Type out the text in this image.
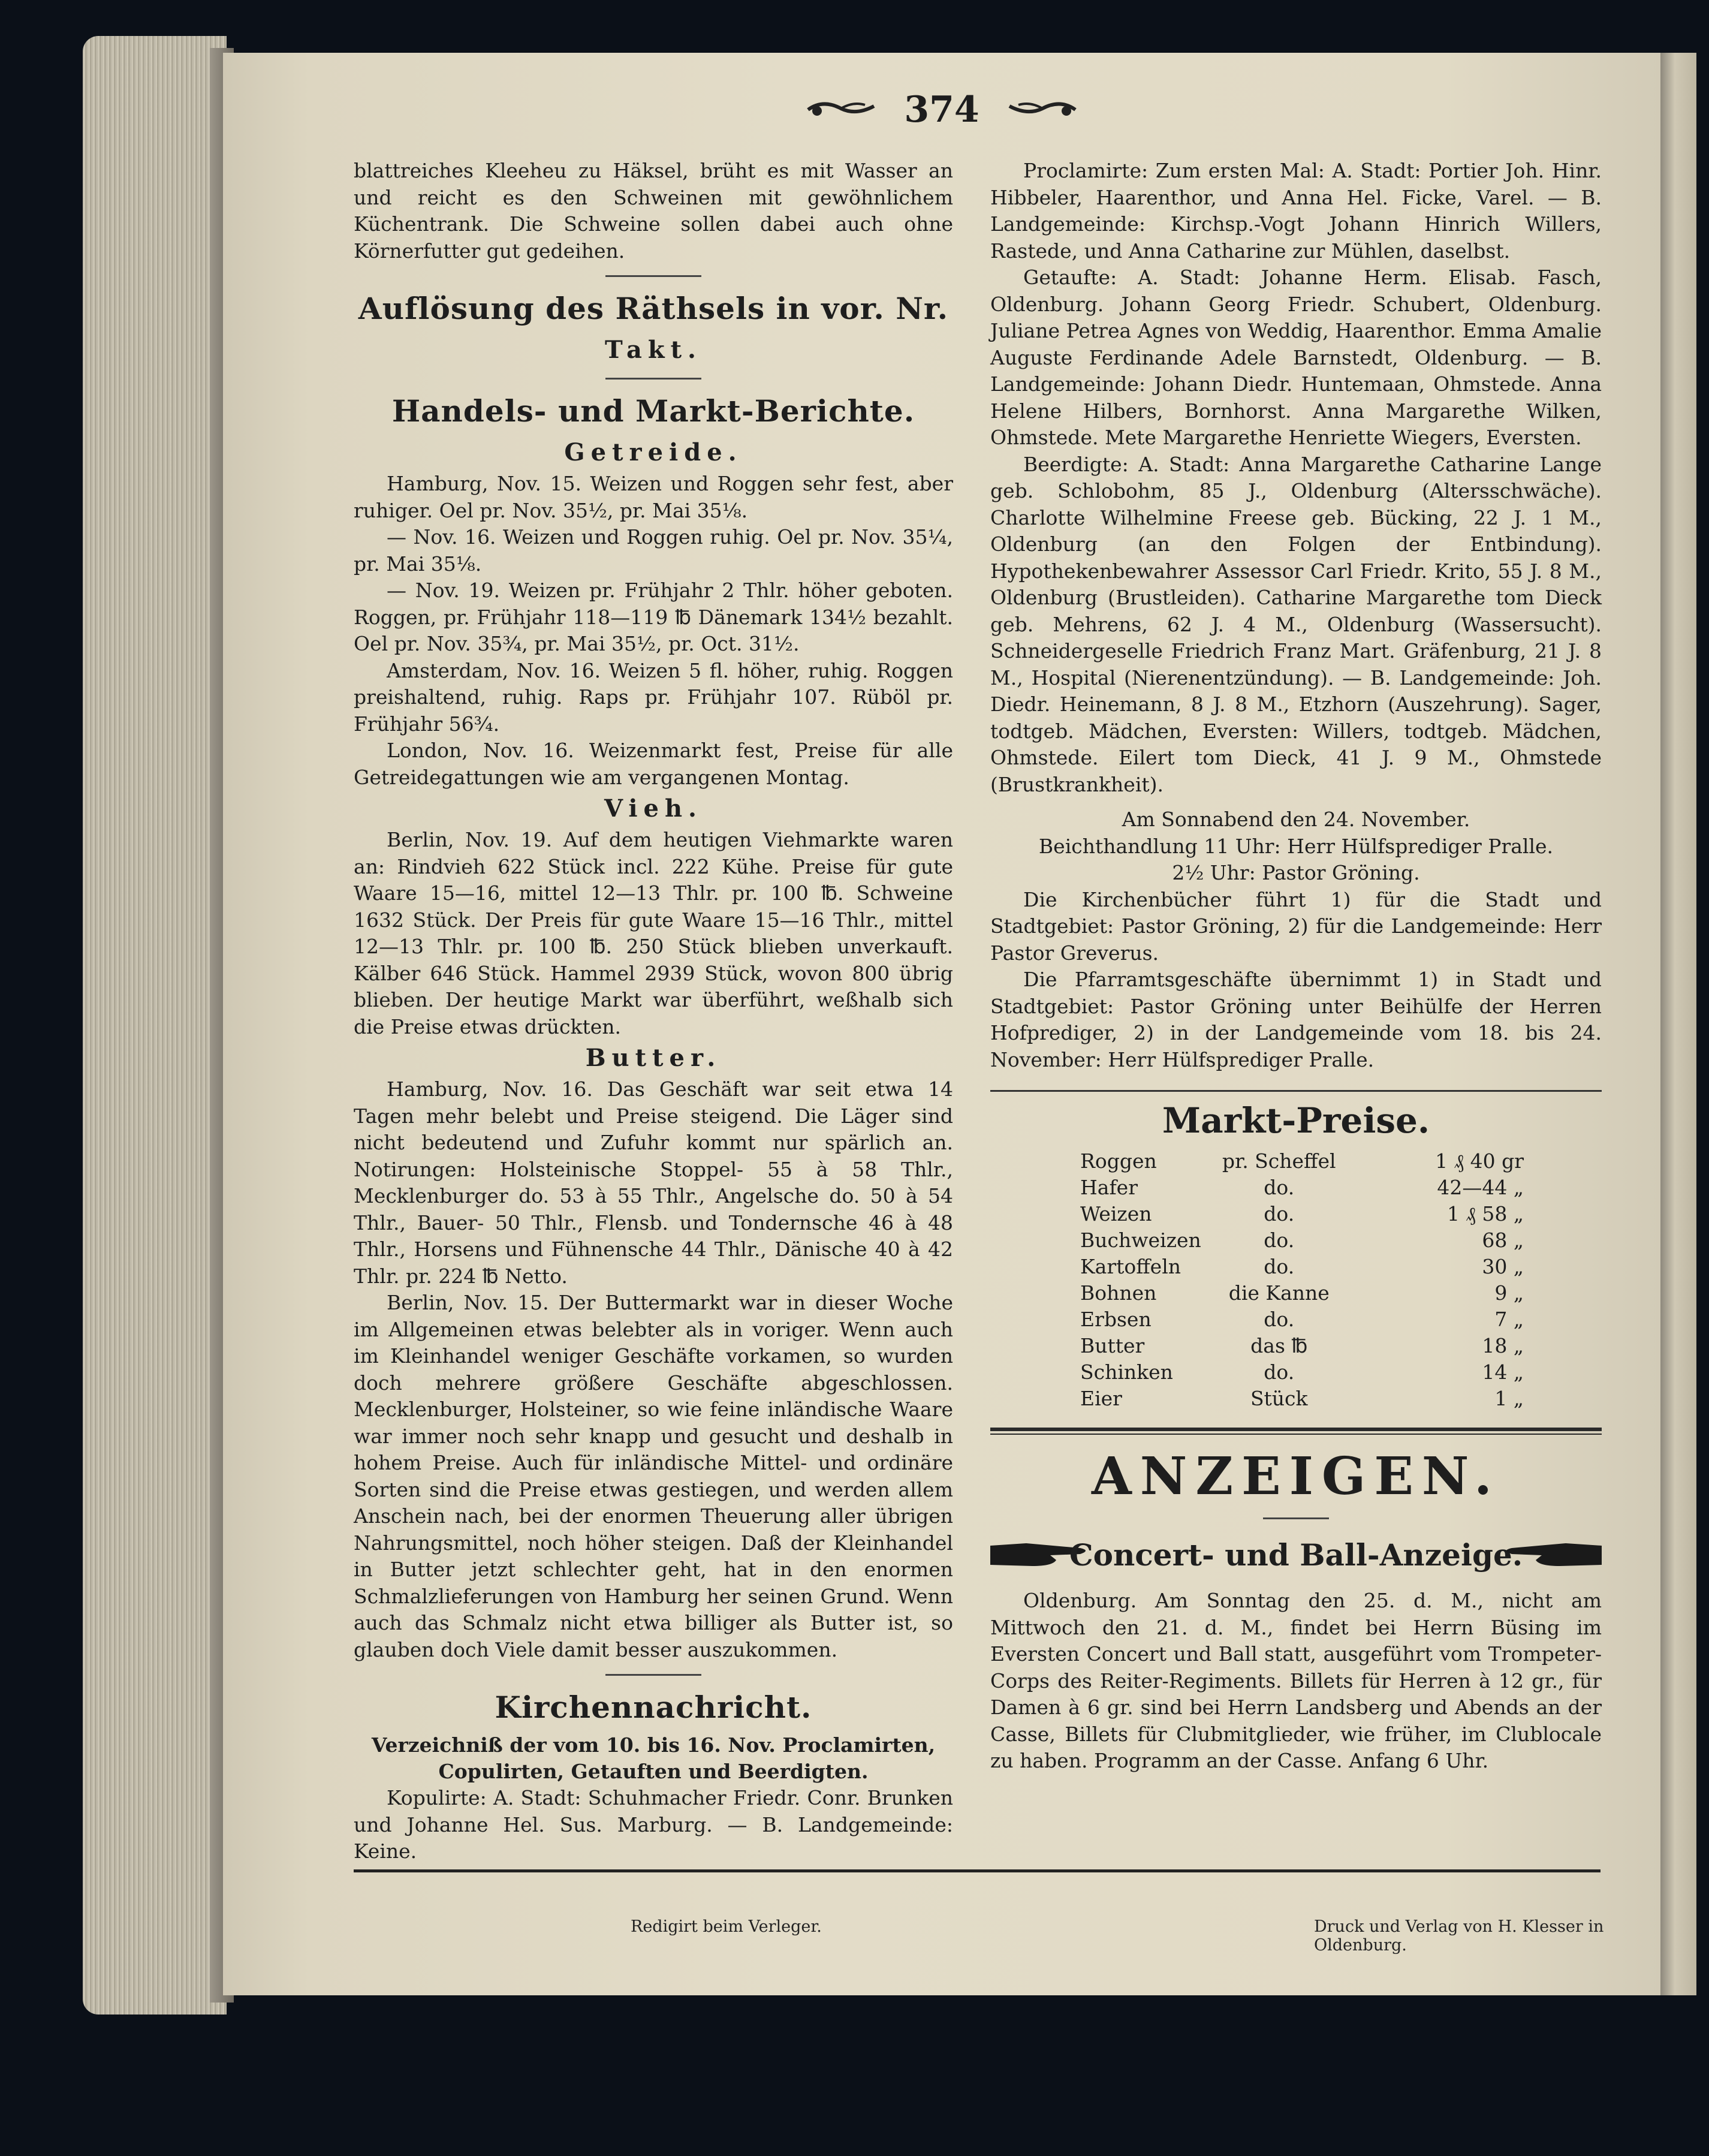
374

blattreiches Kleeheu zu Häksel, brüht es mit Wasser an und reicht es den Schweinen mit gewöhnlichem Küchentrank. Die Schweine sollen dabei auch ohne Körnerfutter gut gedeihen.

Auflösung des Räthsels in vor. Nr.
Takt.
Handels- und Markt-Berichte.
Getreide.

Hamburg, Nov. 15. Weizen und Roggen sehr fest, aber ruhiger. Oel pr. Nov. 35½, pr. Mai 35⅛.

— Nov. 16. Weizen und Roggen ruhig. Oel pr. Nov. 35¼, pr. Mai 35⅛.

— Nov. 19. Weizen pr. Frühjahr 2 Thlr. höher geboten. Roggen, pr. Frühjahr 118—119 ℔ Dänemark 134½ bezahlt. Oel pr. Nov. 35¾, pr. Mai 35½, pr. Oct. 31½.

Amsterdam, Nov. 16. Weizen 5 fl. höher, ruhig. Roggen preishaltend, ruhig. Raps pr. Frühjahr 107. Rüböl pr. Frühjahr 56¾.

London, Nov. 16. Weizenmarkt fest, Preise für alle Getreidegattungen wie am vergangenen Montag.

Vieh.

Berlin, Nov. 19. Auf dem heutigen Viehmarkte waren an: Rindvieh 622 Stück incl. 222 Kühe. Preise für gute Waare 15—16, mittel 12—13 Thlr. pr. 100 ℔. Schweine 1632 Stück. Der Preis für gute Waare 15—16 Thlr., mittel 12—13 Thlr. pr. 100 ℔. 250 Stück blieben unverkauft. Kälber 646 Stück. Hammel 2939 Stück, wovon 800 übrig blieben. Der heutige Markt war überführt, weßhalb sich die Preise etwas drückten.

Butter.

Hamburg, Nov. 16. Das Geschäft war seit etwa 14 Tagen mehr belebt und Preise steigend. Die Läger sind nicht bedeutend und Zufuhr kommt nur spärlich an. Notirungen: Holsteinische Stoppel- 55 à 58 Thlr., Mecklenburger do. 53 à 55 Thlr., Angelsche do. 50 à 54 Thlr., Bauer- 50 Thlr., Flensb. und Tondernsche 46 à 48 Thlr., Horsens und Fühnensche 44 Thlr., Dänische 40 à 42 Thlr. pr. 224 ℔ Netto.

Berlin, Nov. 15. Der Buttermarkt war in dieser Woche im Allgemeinen etwas belebter als in voriger. Wenn auch im Kleinhandel weniger Geschäfte vorkamen, so wurden doch mehrere größere Geschäfte abgeschlossen. Mecklenburger, Holsteiner, so wie feine inländische Waare war immer noch sehr knapp und gesucht und deshalb in hohem Preise. Auch für inländische Mittel- und ordinäre Sorten sind die Preise etwas gestiegen, und werden allem Anschein nach, bei der enormen Theuerung aller übrigen Nahrungsmittel, noch höher steigen. Daß der Kleinhandel in Butter jetzt schlechter geht, hat in den enormen Schmalzlieferungen von Hamburg her seinen Grund. Wenn auch das Schmalz nicht etwa billiger als Butter ist, so glauben doch Viele damit besser auszukommen.

Kirchennachricht.
Verzeichniß der vom 10. bis 16. Nov. Proclamirten, Copulirten, Getauften und Beerdigten.

Kopulirte: A. Stadt: Schuhmacher Friedr. Conr. Brunken und Johanne Hel. Sus. Marburg. — B. Landgemeinde: Keine.

Proclamirte: Zum ersten Mal: A. Stadt: Portier Joh. Hinr. Hibbeler, Haarenthor, und Anna Hel. Ficke, Varel. — B. Landgemeinde: Kirchsp.-Vogt Johann Hinrich Willers, Rastede, und Anna Catharine zur Mühlen, daselbst.

Getaufte: A. Stadt: Johanne Herm. Elisab. Fasch, Oldenburg. Johann Georg Friedr. Schubert, Oldenburg. Juliane Petrea Agnes von Weddig, Haarenthor. Emma Amalie Auguste Ferdinande Adele Barnstedt, Oldenburg. — B. Landgemeinde: Johann Diedr. Huntemaan, Ohmstede. Anna Helene Hilbers, Bornhorst. Anna Margarethe Wilken, Ohmstede. Mete Margarethe Henriette Wiegers, Eversten.

Beerdigte: A. Stadt: Anna Margarethe Catharine Lange geb. Schlobohm, 85 J., Oldenburg (Altersschwäche). Charlotte Wilhelmine Freese geb. Bücking, 22 J. 1 M., Oldenburg (an den Folgen der Entbindung). Hypothekenbewahrer Assessor Carl Friedr. Krito, 55 J. 8 M., Oldenburg (Brustleiden). Catharine Margarethe tom Dieck geb. Mehrens, 62 J. 4 M., Oldenburg (Wassersucht). Schneidergeselle Friedrich Franz Mart. Gräfenburg, 21 J. 8 M., Hospital (Nierenentzündung). — B. Landgemeinde: Joh. Diedr. Heinemann, 8 J. 8 M., Etzhorn (Auszehrung). Sager, todtgeb. Mädchen, Eversten: Willers, todtgeb. Mädchen, Ohmstede. Eilert tom Dieck, 41 J. 9 M., Ohmstede (Brustkrankheit).

Am Sonnabend den 24. November.

Beichthandlung 11 Uhr: Herr Hülfsprediger Pralle.

2½ Uhr: Pastor Gröning.

Die Kirchenbücher führt 1) für die Stadt und Stadtgebiet: Pastor Gröning, 2) für die Landgemeinde: Herr Pastor Greverus.

Die Pfarramtsgeschäfte übernimmt 1) in Stadt und Stadtgebiet: Pastor Gröning unter Beihülfe der Herren Hofprediger, 2) in der Landgemeinde vom 18. bis 24. November: Herr Hülfsprediger Pralle.

Markt-Preise.
Roggen	pr. Scheffel	1 ₰ 40 gr
Hafer	do.	42—44 „
Weizen	do.	1 ₰ 58 „
Buchweizen	do.	68 „
Kartoffeln	do.	30 „
Bohnen	die Kanne	9 „
Erbsen	do.	7 „
Butter	das ℔	18 „
Schinken	do.	14 „
Eier	Stück	1 „
ANZEIGEN.
Concert- und Ball-Anzeige.

Oldenburg. Am Sonntag den 25. d. M., nicht am Mittwoch den 21. d. M., findet bei Herrn Büsing im Eversten Concert und Ball statt, ausgeführt vom Trompeter-Corps des Reiter-Regiments. Billets für Herren à 12 gr., für Damen à 6 gr. sind bei Herrn Landsberg und Abends an der Casse, Billets für Clubmitglieder, wie früher, im Clublocale zu haben. Programm an der Casse. Anfang 6 Uhr.

Redigirt beim Verleger.	Druck und Verlag von H. Klesser in Oldenburg.
